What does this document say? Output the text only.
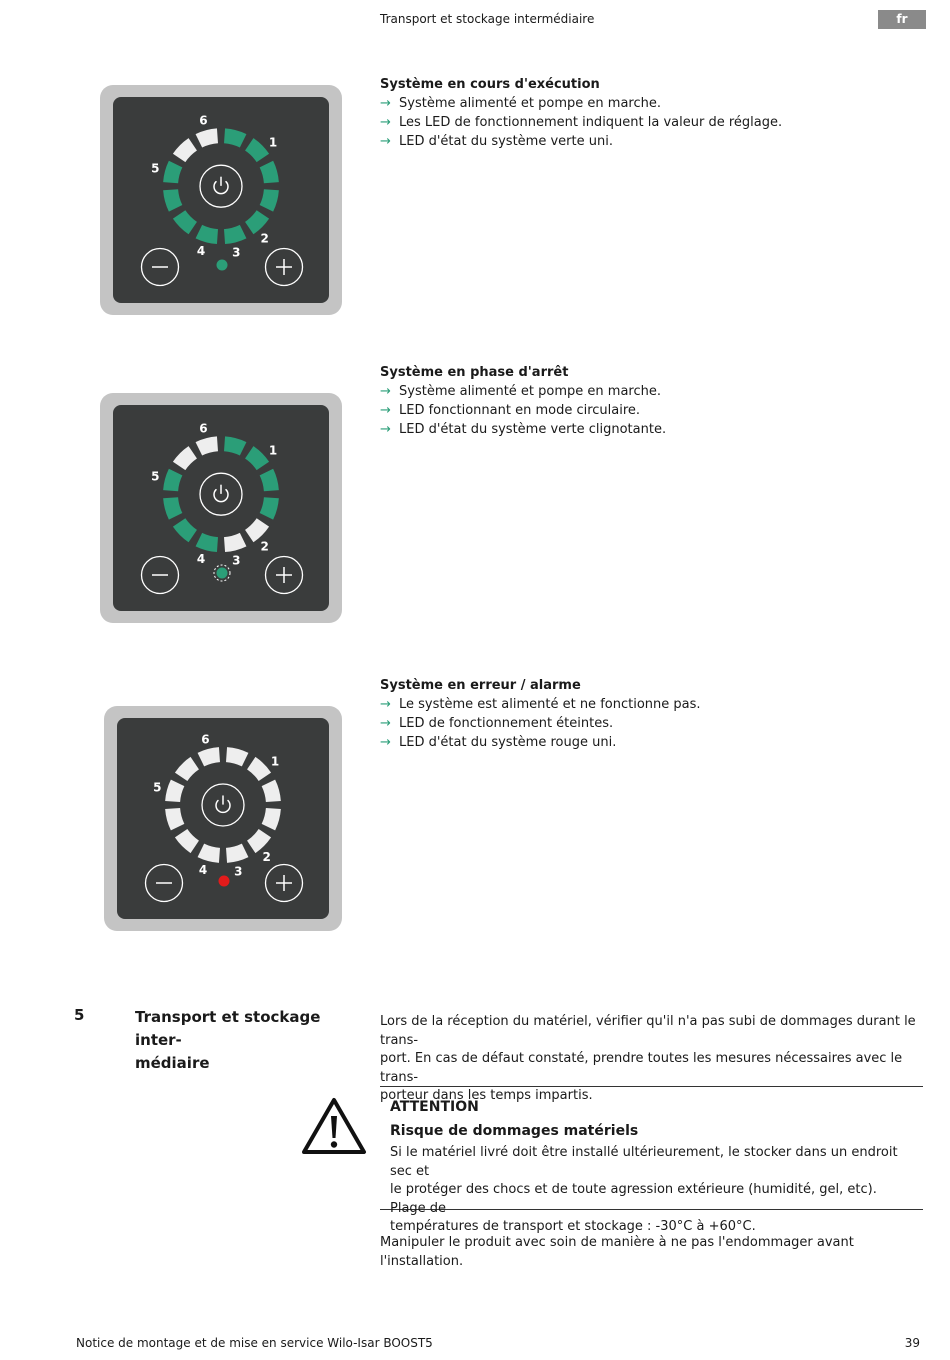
Transport et stockage intermédiaire	fr
1
2
3
4
5
6
1
2
3
4
5
6
1
2
3
4
5
6
Système en cours d'exécution
→ Système alimenté et pompe en marche.
→ Les LED de fonctionnement indiquent la valeur de réglage.
→ LED d'état du système verte uni.
Système en phase d'arrêt
→ Système alimenté et pompe en marche.
→ LED fonctionnant en mode circulaire.
→ LED d'état du système verte clignotante.
Système en erreur / alarme
→ Le système est alimenté et ne fonctionne pas.
→ LED de fonctionnement éteintes.
→ LED d'état du système rouge uni.
5	Transport et stockage inter-
médiaire
Lors de la réception du matériel, vérifier qu'il n'a pas subi de dommages durant le trans-
port. En cas de défaut constaté, prendre toutes les mesures nécessaires avec le trans-
porteur dans les temps impartis.
ATTENTION
Risque de dommages matériels
Si le matériel livré doit être installé ultérieurement, le stocker dans un endroit sec et
le protéger des chocs et de toute agression extérieure (humidité, gel, etc). Plage de
températures de transport et stockage : -30°C à +60°C.
Manipuler le produit avec soin de manière à ne pas l'endommager avant l'installation.
Notice de montage et de mise en service Wilo-Isar BOOST5	39
